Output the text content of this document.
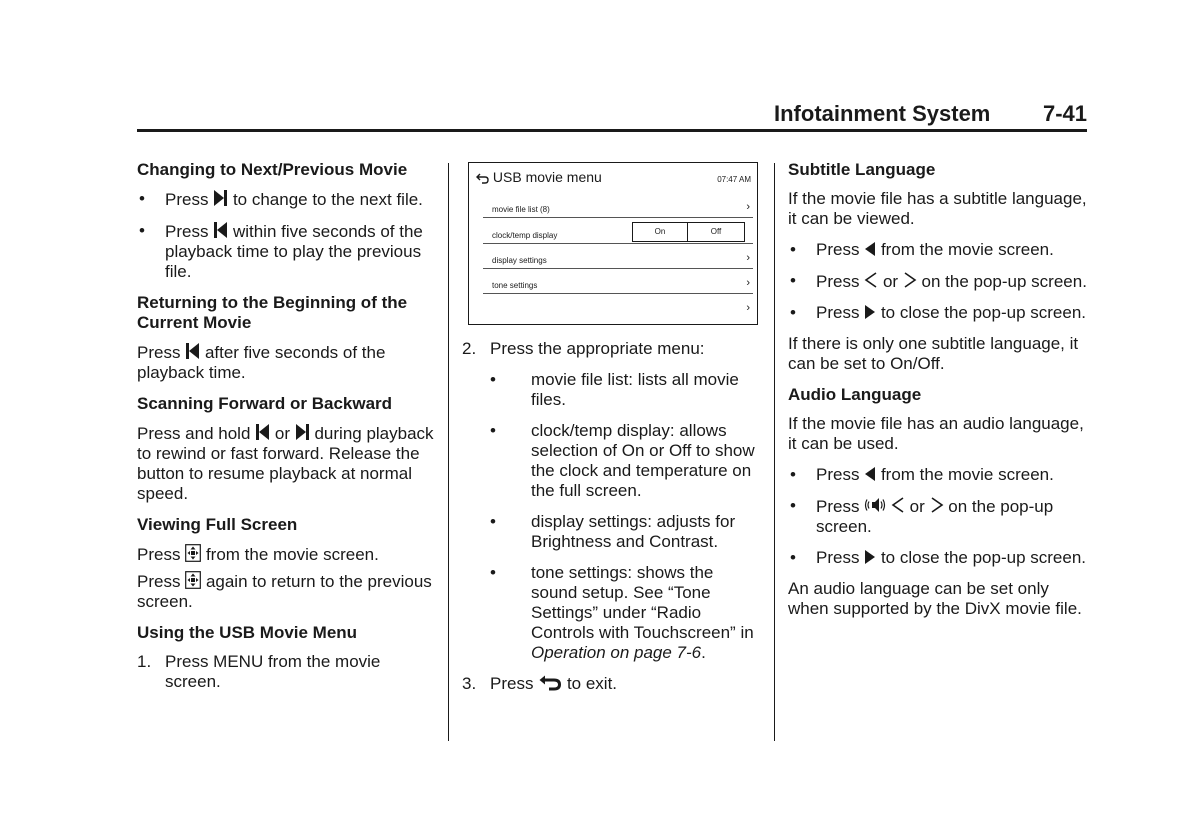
Infotainment System 7-41
Changing to Next/Previous Movie
• Press to change to the next file.
• Press within five seconds of the playback time to play the previous file.
Returning to the Beginning of the Current Movie

Press after five seconds of the playback time.

Scanning Forward or Backward

Press and hold or during playback to rewind or fast forward. Release the button to resume playback at normal speed.

Viewing Full Screen

Press from the movie screen.

Press again to return to the previous screen.

Using the USB Movie Menu
1. Press MENU from the movie screen.
USB movie menu	07:47 AM
movie file list (8)	›
clock/temp display	On	Off
display settings	›
tone settings	›
›
2. Press the appropriate menu:
• movie file list: lists all movie files.
• clock/temp display: allows selection of On or Off to show the clock and temperature on the full screen.
• display settings: adjusts for Brightness and Contrast.
• tone settings: shows the sound setup. See “Tone Settings” under “Radio Controls with Touchscreen” in Operation on page 7-6.
3. Press to exit.
Subtitle Language

If the movie file has a subtitle language, it can be viewed.

• Press from the movie screen.
• Press or on the pop-up screen.
• Press to close the pop-up screen.

If there is only one subtitle language, it can be set to On/Off.

Audio Language

If the movie file has an audio language, it can be used.

• Press from the movie screen.
• Press	or on the pop-up screen.
• Press to close the pop-up screen.

An audio language can be set only when supported by the DivX movie file.
